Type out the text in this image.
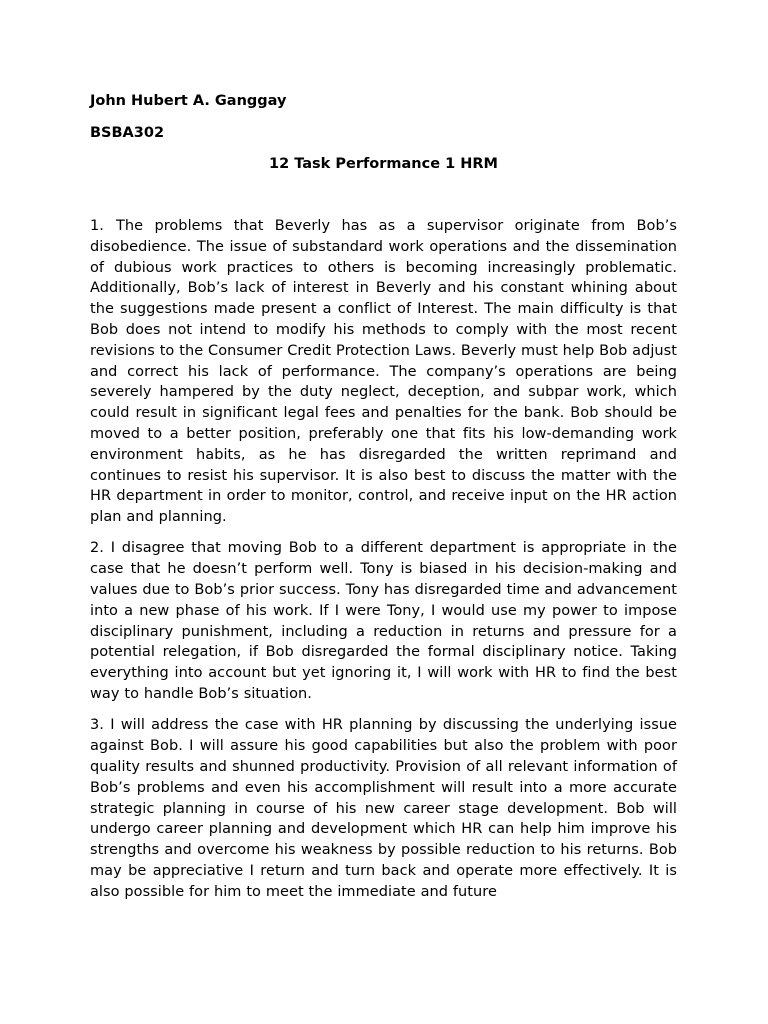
John Hubert A. Ganggay
BSBA302
12 Task Performance 1 HRM

1. The problems that Beverly has as a supervisor originate from Bob’s disobedience. The issue of substandard work operations and the dissemination of dubious work practices to others is becoming increasingly problematic. Additionally, Bob’s lack of interest in Beverly and his constant whining about the suggestions made present a conflict of Interest. The main difficulty is that Bob does not intend to modify his methods to comply with the most recent revisions to the Consumer Credit Protection Laws. Beverly must help Bob adjust and correct his lack of performance. The company’s operations are being severely hampered by the duty neglect, deception, and subpar work, which could result in significant legal fees and penalties for the bank. Bob should be moved to a better position, preferably one that fits his low-demanding work environment habits, as he has disregarded the written reprimand and continues to resist his supervisor. It is also best to discuss the matter with the HR department in order to monitor, control, and receive input on the HR action plan and planning.

2. I disagree that moving Bob to a different department is appropriate in the case that he doesn’t perform well. Tony is biased in his decision-making and values due to Bob’s prior success. Tony has disregarded time and advancement into a new phase of his work. If I were Tony, I would use my power to impose disciplinary punishment, including a reduction in returns and pressure for a potential relegation, if Bob disregarded the formal disciplinary notice. Taking everything into account but yet ignoring it, I will work with HR to find the best way to handle Bob’s situation.

3. I will address the case with HR planning by discussing the underlying issue against Bob. I will assure his good capabilities but also the problem with poor quality results and shunned productivity. Provision of all relevant information of Bob’s problems and even his accomplishment will result into a more accurate strategic planning in course of his new career stage development. Bob will undergo career planning and development which HR can help him improve his strengths and overcome his weakness by possible reduction to his returns. Bob may be appreciative I return and turn back and operate more effectively. It is also possible for him to meet the immediate and future
